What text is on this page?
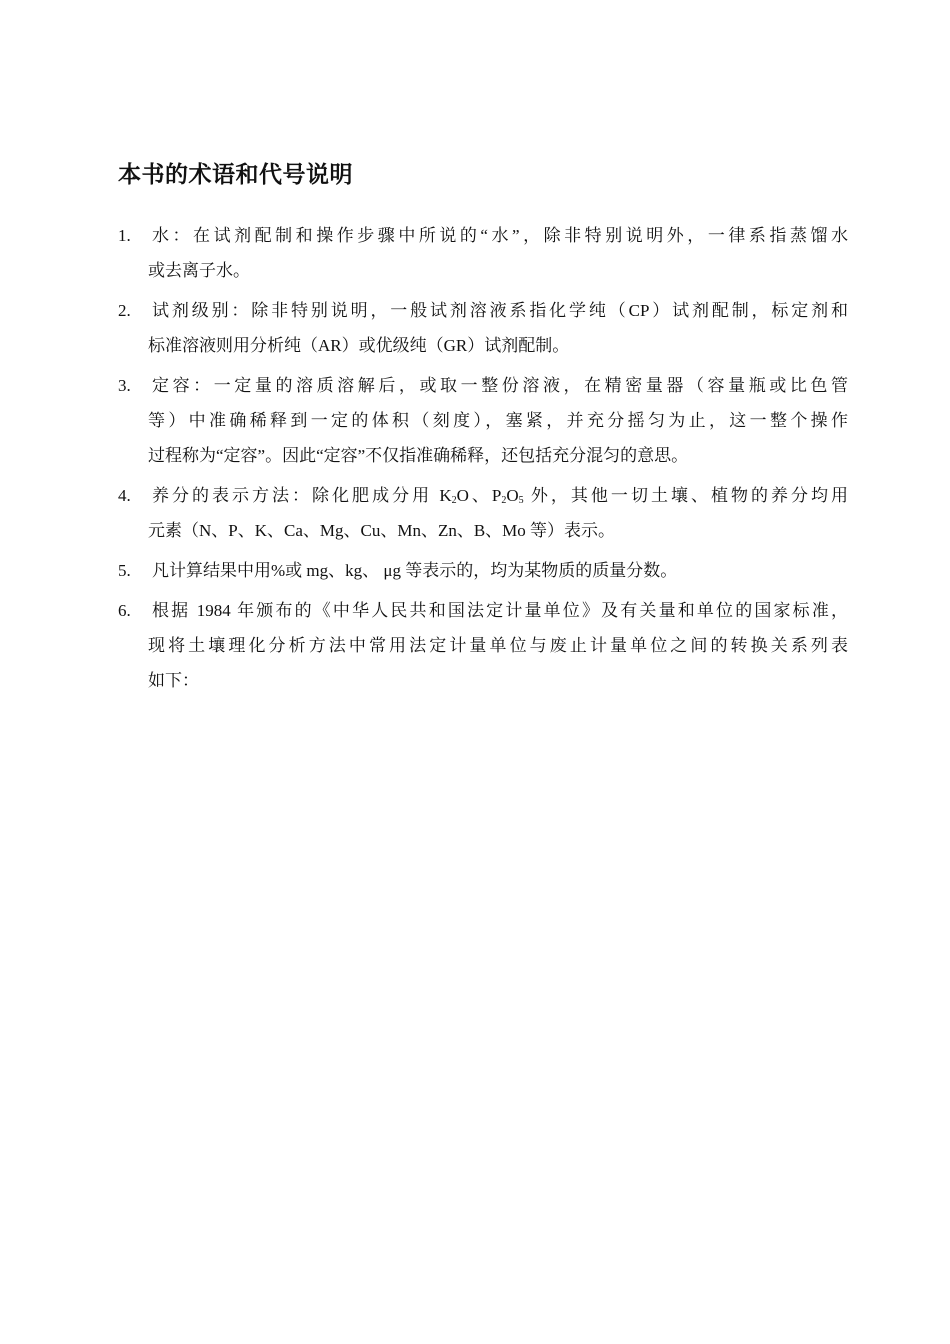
本书的术语和代号说明
1.	水：在试剂配制和操作步骤中所说的“水”，除非特别说明外，一律系指蒸馏水
或去离子水。
2.	试剂级别：除非特别说明，一般试剂溶液系指化学纯（CP）试剂配制，标定剂和
标准溶液则用分析纯（AR）或优级纯（GR）试剂配制。
3.	定容：一定量的溶质溶解后，或取一整份溶液，在精密量器（容量瓶或比色管
等）中准确稀释到一定的体积（刻度），塞紧，并充分摇匀为止，这一整个操作
过程称为“定容”。因此“定容”不仅指准确稀释，还包括充分混匀的意思。
4.	养分的表示方法：除化肥成分用 $K_2O$、$P_2O_5$ 外，其他一切土壤、植物的养分均用
元素（N、P、K、Ca、Mg、Cu、Mn、Zn、B、Mo 等）表示。
5.	凡计算结果中用%或 mg、kg、 μg 等表示的，均为某物质的质量分数。
6.	根据 1984 年颁布的《中华人民共和国法定计量单位》及有关量和单位的国家标准，
现将土壤理化分析方法中常用法定计量单位与废止计量单位之间的转换关系列表
如下：
